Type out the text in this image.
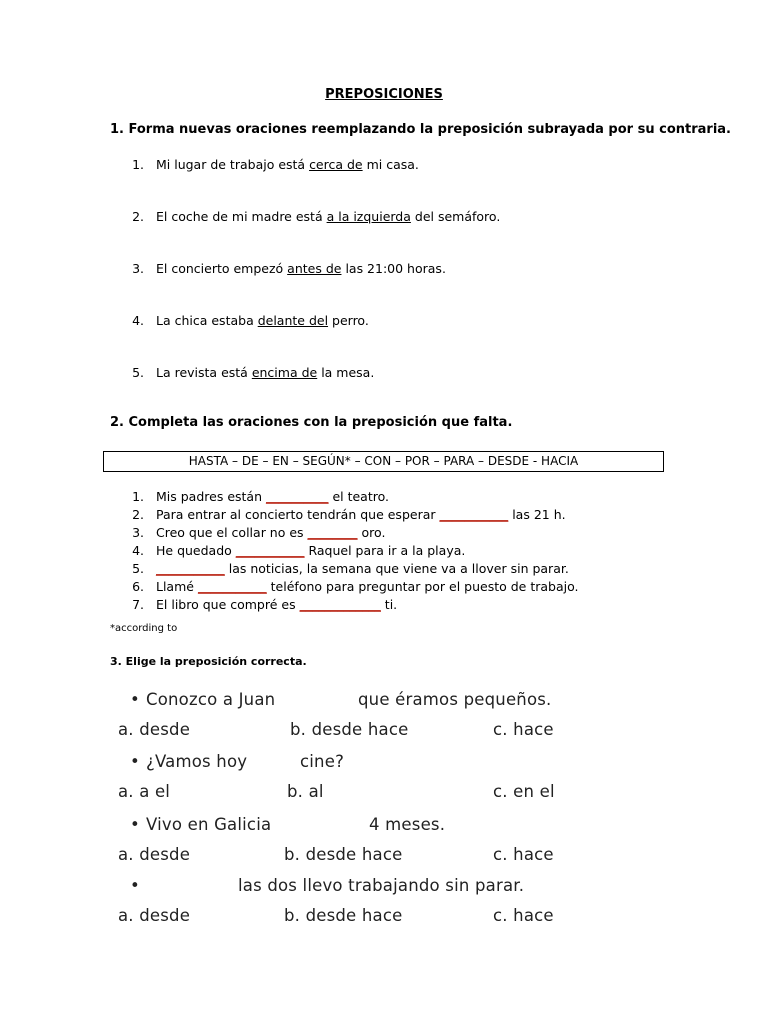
PREPOSICIONES
1. Forma nuevas oraciones reemplazando la preposición subrayada por su contraria.
1. Mi lugar de trabajo está cerca de mi casa.
2. El coche de mi madre está a la izquierda del semáforo.
3. El concierto empezó antes de las 21:00 horas.
4. La chica estaba delante del perro.
5. La revista está encima de la mesa.
2. Completa las oraciones con la preposición que falta.
HASTA – DE – EN – SEGÚN* – CON – POR – PARA – DESDE - HACIA
1. Mis padres están __________ el teatro.
2. Para entrar al concierto tendrán que esperar ___________ las 21 h.
3. Creo que el collar no es ________ oro.
4. He quedado ___________ Raquel para ir a la playa.
5. ___________ las noticias, la semana que viene va a llover sin parar.
6. Llamé ___________ teléfono para preguntar por el puesto de trabajo.
7. El libro que compré es _____________ ti.
*according to
3. Elige la preposición correcta.
• Conozco a Juan	que éramos pequeños.
a. desde	b. desde hace	c. hace
• ¿Vamos hoy	cine?
a. a el	b. al	c. en el
• Vivo en Galicia	4 meses.
a. desde	b. desde hace	c. hace
•	las dos llevo trabajando sin parar.
a. desde	b. desde hace	c. hace
